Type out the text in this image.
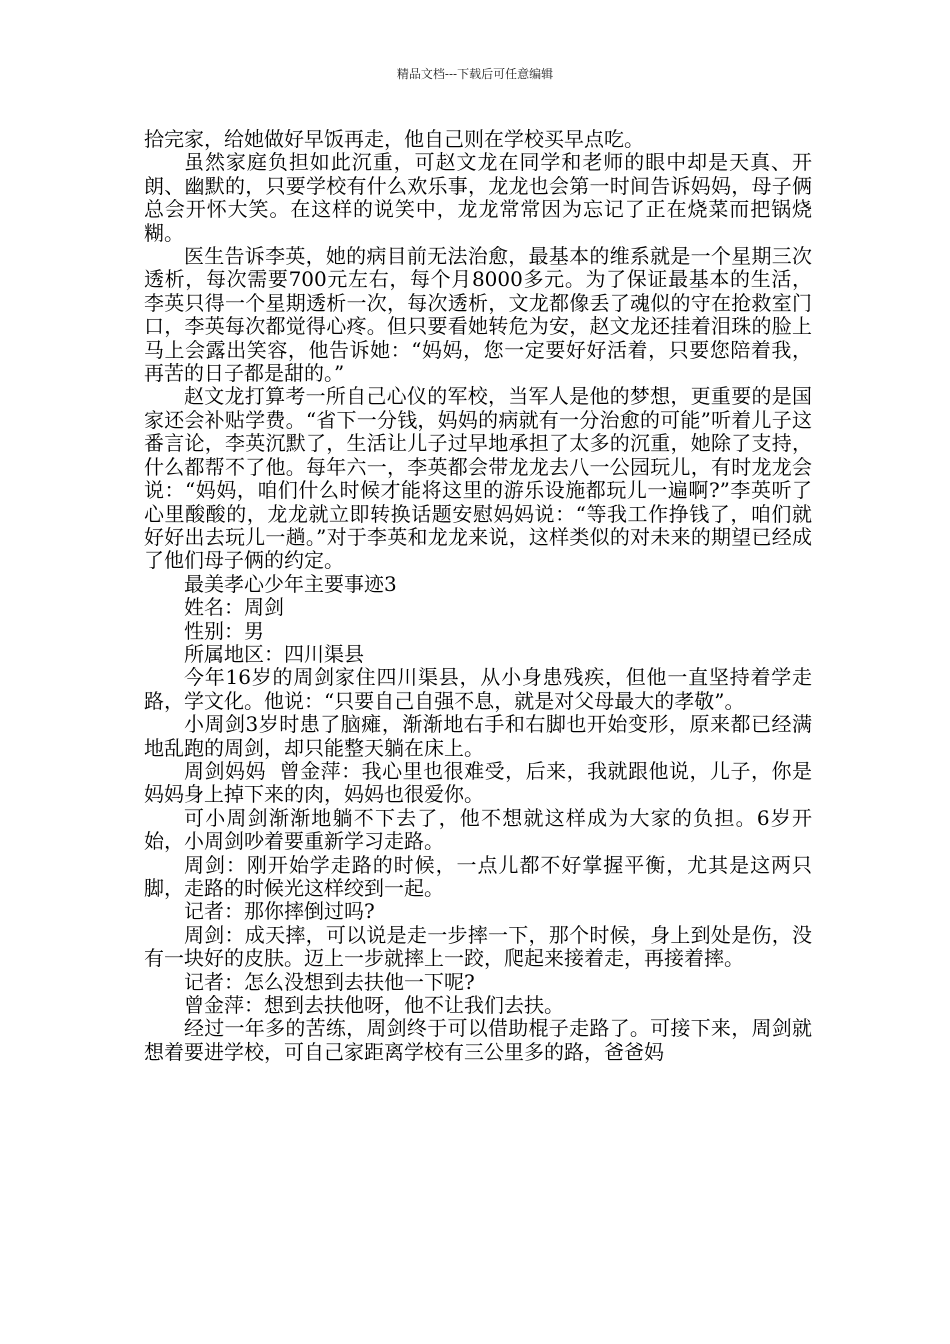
精品文档---下载后可任意编辑

拾完家，给她做好早饭再走，他自己则在学校买早点吃。

虽然家庭负担如此沉重，可赵文龙在同学和老师的眼中却是天真、开朗、幽默的，只要学校有什么欢乐事，龙龙也会第一时间告诉妈妈，母子俩总会开怀大笑。在这样的说笑中，龙龙常常因为忘记了正在烧菜而把锅烧糊。

医生告诉李英，她的病目前无法治愈，最基本的维系就是一个星期三次透析，每次需要700元左右，每个月8000多元。为了保证最基本的生活，李英只得一个星期透析一次，每次透析，文龙都像丢了魂似的守在抢救室门口，李英每次都觉得心疼。但只要看她转危为安，赵文龙还挂着泪珠的脸上马上会露出笑容，他告诉她：“妈妈，您一定要好好活着，只要您陪着我，再苦的日子都是甜的。”

赵文龙打算考一所自己心仪的军校，当军人是他的梦想，更重要的是国家还会补贴学费。“省下一分钱，妈妈的病就有一分治愈的可能”听着儿子这番言论，李英沉默了，生活让儿子过早地承担了太多的沉重，她除了支持，什么都帮不了他。每年六一，李英都会带龙龙去八一公园玩儿，有时龙龙会说：“妈妈，咱们什么时候才能将这里的游乐设施都玩儿一遍啊?”李英听了心里酸酸的，龙龙就立即转换话题安慰妈妈说：“等我工作挣钱了，咱们就好好出去玩儿一趟。”对于李英和龙龙来说，这样类似的对未来的期望已经成了他们母子俩的约定。

最美孝心少年主要事迹3

姓名：周剑

性别：男

所属地区：四川渠县

今年16岁的周剑家住四川渠县，从小身患残疾，但他一直坚持着学走路，学文化。他说：“只要自己自强不息，就是对父母最大的孝敬”。

小周剑3岁时患了脑瘫，渐渐地右手和右脚也开始变形，原来都已经满地乱跑的周剑，却只能整天躺在床上。

周剑妈妈  曾金萍：我心里也很难受，后来，我就跟他说，儿子，你是妈妈身上掉下来的肉，妈妈也很爱你。

可小周剑渐渐地躺不下去了，他不想就这样成为大家的负担。6岁开始，小周剑吵着要重新学习走路。

周剑：刚开始学走路的时候，一点儿都不好掌握平衡，尤其是这两只脚，走路的时候光这样绞到一起。

记者：那你摔倒过吗?

周剑：成天摔，可以说是走一步摔一下，那个时候，身上到处是伤，没有一块好的皮肤。迈上一步就摔上一跤，爬起来接着走，再接着摔。

记者：怎么没想到去扶他一下呢?

曾金萍：想到去扶他呀，他不让我们去扶。

经过一年多的苦练，周剑终于可以借助棍子走路了。可接下来，周剑就想着要进学校，可自己家距离学校有三公里多的路，爸爸妈
